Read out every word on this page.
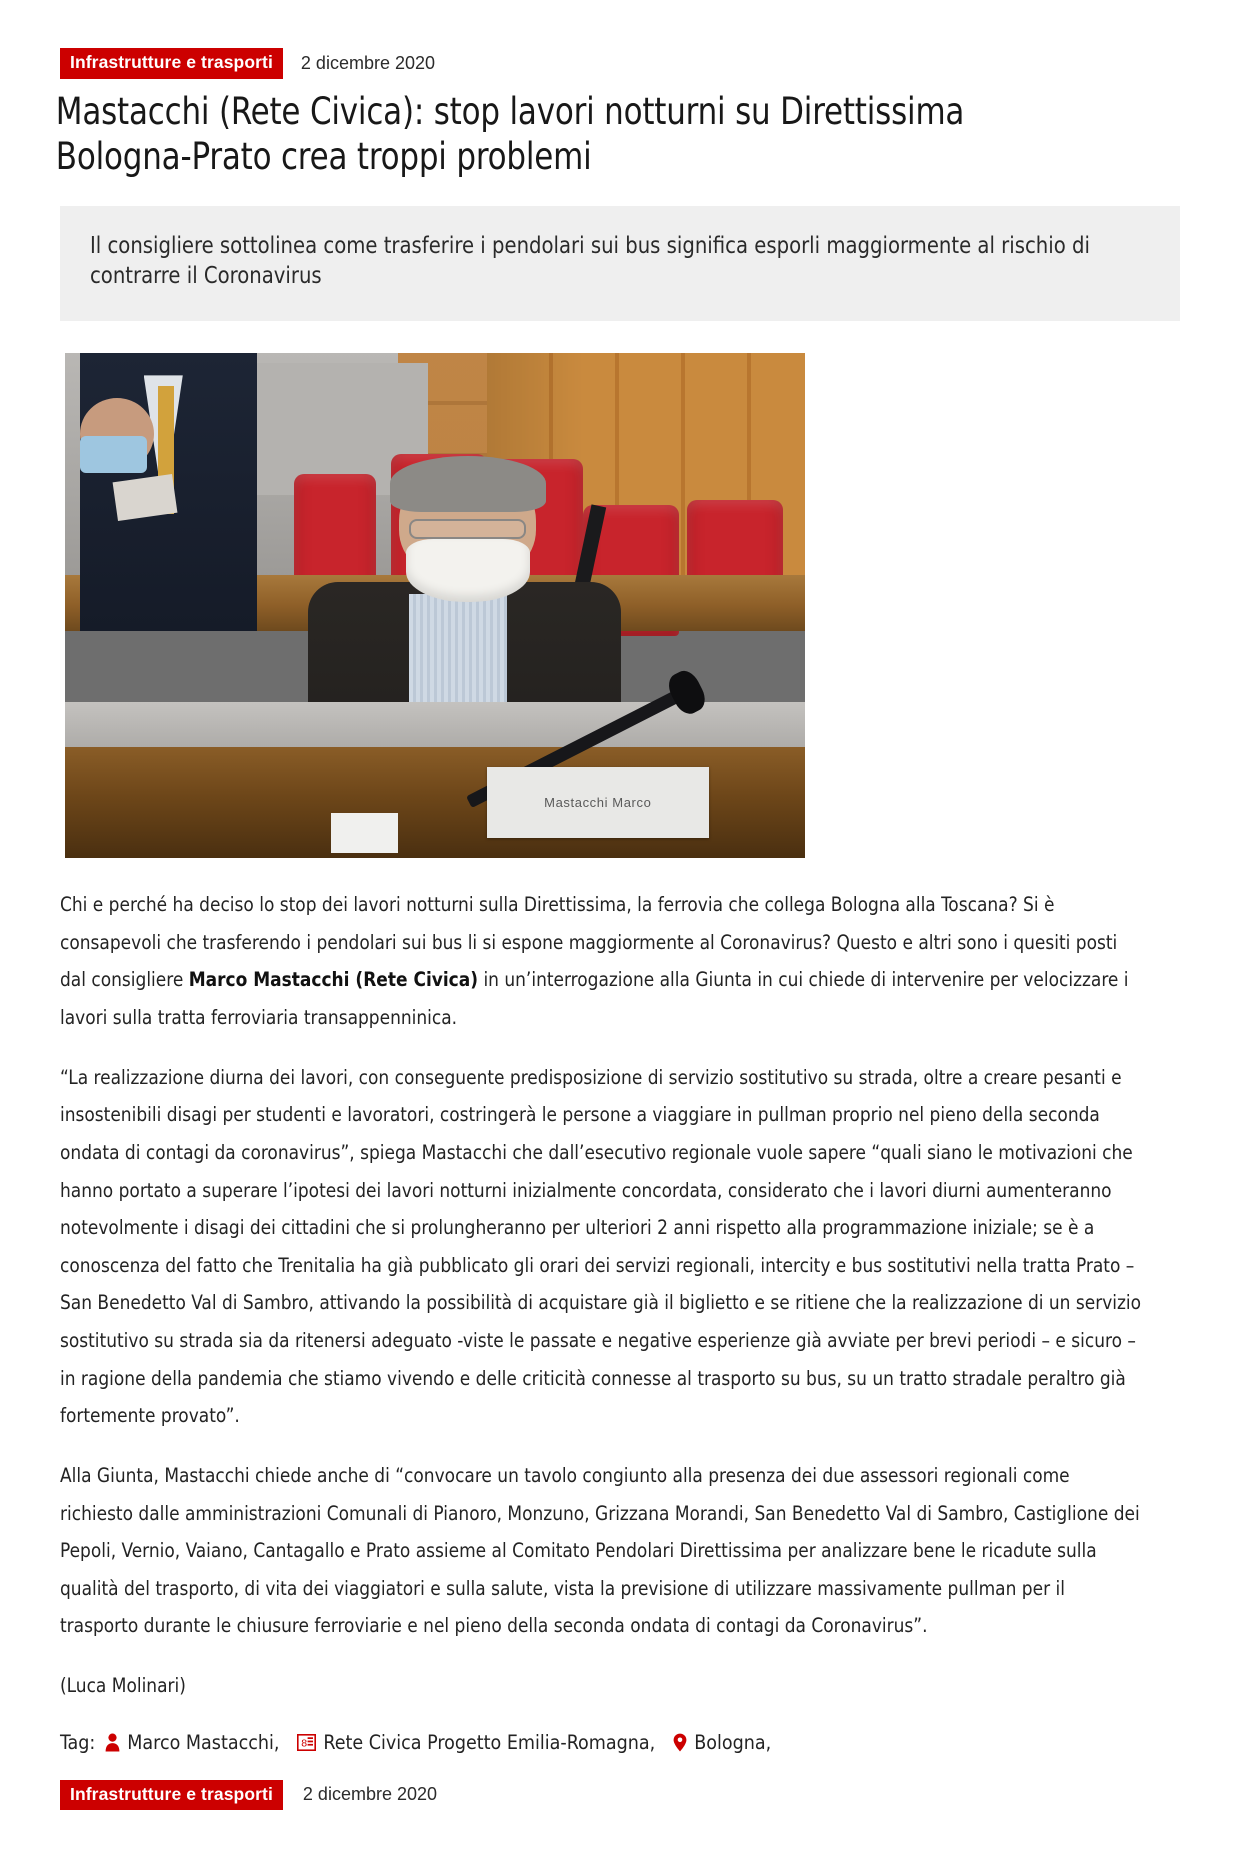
Infrastrutture e trasporti	2 dicembre 2020
Mastacchi (Rete Civica): stop lavori notturni su Direttissima Bologna-Prato crea troppi problemi

Il consigliere sottolinea come trasferire i pendolari sui bus significa esporli maggiormente al rischio di contrarre il Coronavirus

Mastacchi Marco

Chi e perché ha deciso lo stop dei lavori notturni sulla Direttissima, la ferrovia che collega Bologna alla Toscana? Si è consapevoli che trasferendo i pendolari sui bus li si espone maggiormente al Coronavirus? Questo e altri sono i quesiti posti dal consigliere Marco Mastacchi (Rete Civica) in un’interrogazione alla Giunta in cui chiede di intervenire per velocizzare i lavori sulla tratta ferroviaria transappenninica.

“La realizzazione diurna dei lavori, con conseguente predisposizione di servizio sostitutivo su strada, oltre a creare pesanti e insostenibili disagi per studenti e lavoratori, costringerà le persone a viaggiare in pullman proprio nel pieno della seconda ondata di contagi da coronavirus”, spiega Mastacchi che dall’esecutivo regionale vuole sapere “quali siano le motivazioni che hanno portato a superare l’ipotesi dei lavori notturni inizialmente concordata, considerato che i lavori diurni aumenteranno notevolmente i disagi dei cittadini che si prolungheranno per ulteriori 2 anni rispetto alla programmazione iniziale; se è a conoscenza del fatto che Trenitalia ha già pubblicato gli orari dei servizi regionali, intercity e bus sostitutivi nella tratta Prato – San Benedetto Val di Sambro, attivando la possibilità di acquistare già il biglietto e se ritiene che la realizzazione di un servizio sostitutivo su strada sia da ritenersi adeguato -viste le passate e negative esperienze già avviate per brevi periodi – e sicuro – in ragione della pandemia che stiamo vivendo e delle criticità connesse al trasporto su bus, su un tratto stradale peraltro già fortemente provato”.

Alla Giunta, Mastacchi chiede anche di “convocare un tavolo congiunto alla presenza dei due assessori regionali come richiesto dalle amministrazioni Comunali di Pianoro, Monzuno, Grizzana Morandi, San Benedetto Val di Sambro, Castiglione dei Pepoli, Vernio, Vaiano, Cantagallo e Prato assieme al Comitato Pendolari Direttissima per analizzare bene le ricadute sulla qualità del trasporto, di vita dei viaggiatori e sulla salute, vista la previsione di utilizzare massivamente pullman per il trasporto durante le chiusure ferroviarie e nel pieno della seconda ondata di contagi da Coronavirus”.

(Luca Molinari)

Tag: Marco Mastacchi, 8 Rete Civica Progetto Emilia-Romagna, Bologna,
Infrastrutture e trasporti	2 dicembre 2020
